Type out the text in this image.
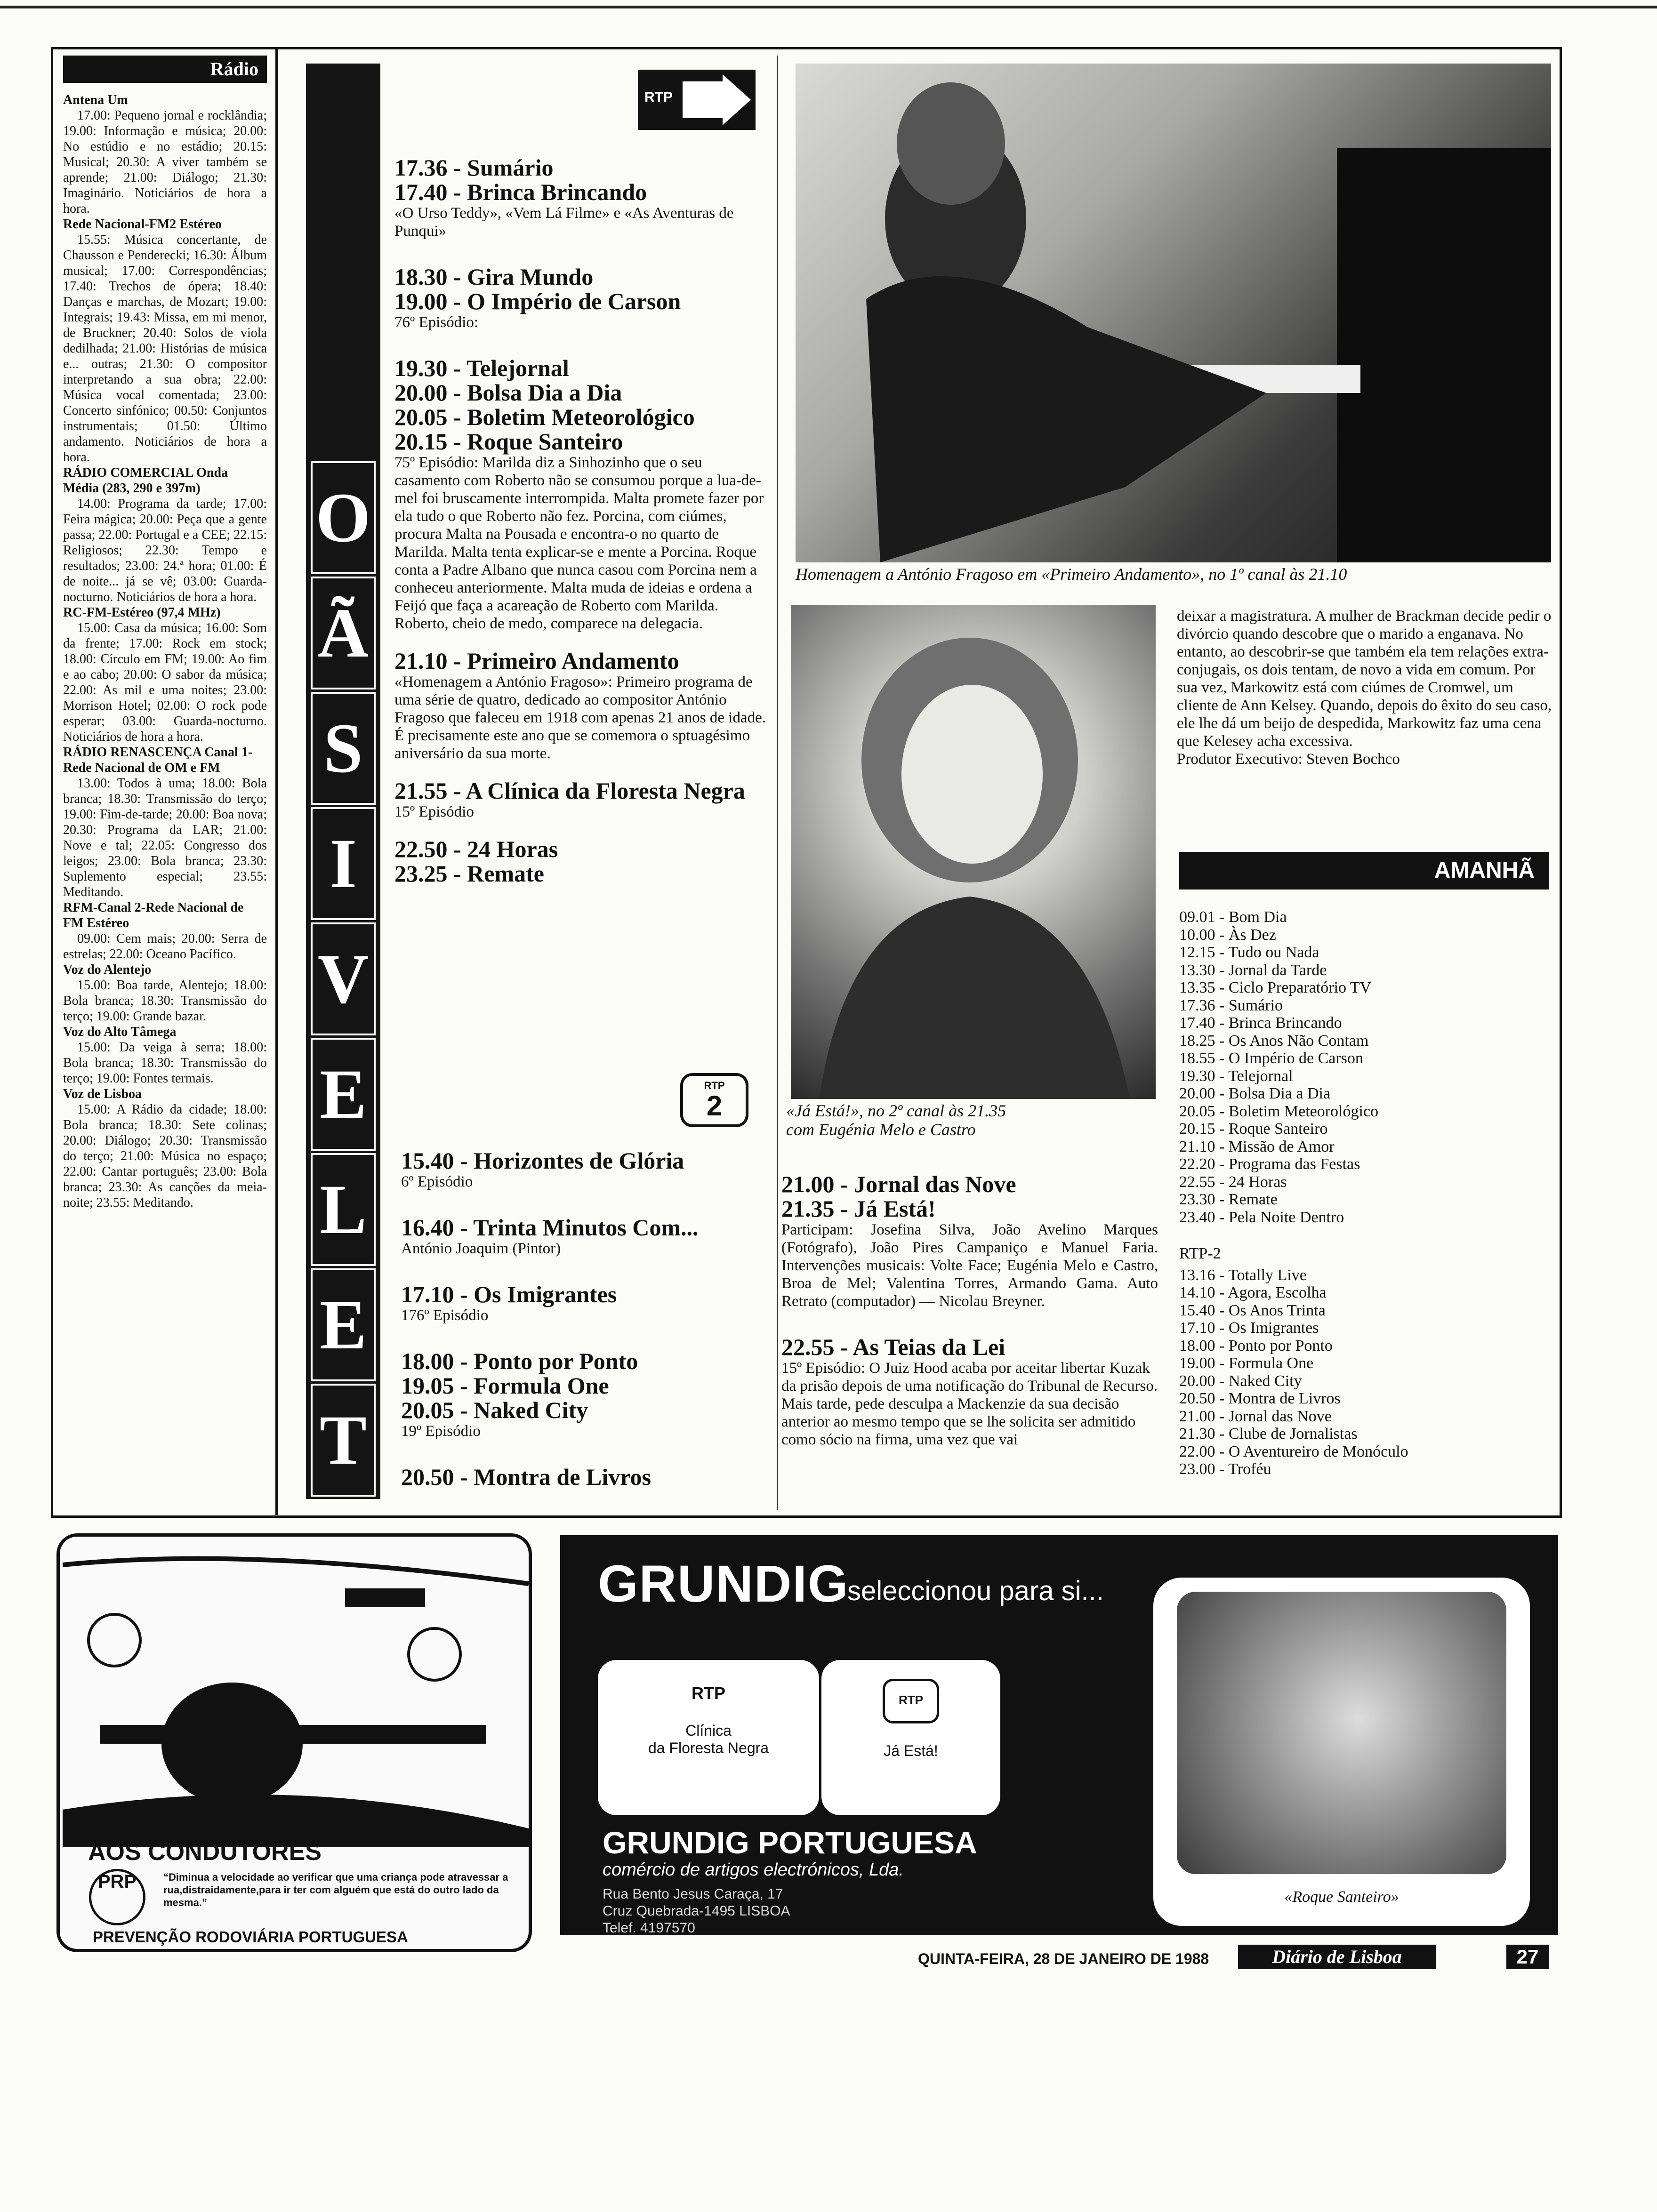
Rádio

Antena Um

17.00: Pequeno jornal e rocklândia; 19.00: Informação e música; 20.00: No estúdio e no estádio; 20.15: Musical; 20.30: A viver também se aprende; 21.00: Diálogo; 21.30: Imaginário. Noticiários de hora a hora.

Rede Nacional-FM2 Estéreo

15.55: Música concertante, de Chausson e Penderecki; 16.30: Álbum musical; 17.00: Correspondências; 17.40: Trechos de ópera; 18.40: Danças e marchas, de Mozart; 19.00: Integrais; 19.43: Missa, em mi menor, de Bruckner; 20.40: Solos de viola dedilhada; 21.00: Histórias de música e... outras; 21.30: O compositor interpretando a sua obra; 22.00: Música vocal comentada; 23.00: Concerto sinfónico; 00.50: Conjuntos instrumentais; 01.50: Último andamento. Noticiários de hora a hora.

RÁDIO COMERCIAL Onda Média (283, 290 e 397m)

14.00: Programa da tarde; 17.00: Feira mágica; 20.00: Peça que a gente passa; 22.00: Portugal e a CEE; 22.15: Religiosos; 22.30: Tempo e resultados; 23.00: 24.ª hora; 01.00: É de noite... já se vê; 03.00: Guarda-nocturno. Noticiários de hora a hora.

RC-FM-Estéreo (97,4 MHz)

15.00: Casa da música; 16.00: Som da frente; 17.00: Rock em stock; 18.00: Círculo em FM; 19.00: Ao fim e ao cabo; 20.00: O sabor da música; 22.00: As mil e uma noites; 23.00: Morrison Hotel; 02.00: O rock pode esperar; 03.00: Guarda-nocturno. Noticiários de hora a hora.

RÁDIO RENASCENÇA Canal 1-Rede Nacional de OM e FM

13.00: Todos à uma; 18.00: Bola branca; 18.30: Transmissão do terço; 19.00: Fim-de-tarde; 20.00: Boa nova; 20.30: Programa da LAR; 21.00: Nove e tal; 22.05: Congresso dos leigos; 23.00: Bola branca; 23.30: Suplemento especial; 23.55: Meditando.

RFM-Canal 2-Rede Nacional de FM Estéreo

09.00: Cem mais; 20.00: Serra de estrelas; 22.00: Oceano Pacífico.

Voz do Alentejo

15.00: Boa tarde, Alentejo; 18.00: Bola branca; 18.30: Transmissão do terço; 19.00: Grande bazar.

Voz do Alto Tâmega

15.00: Da veiga à serra; 18.00: Bola branca; 18.30: Transmissão do terço; 19.00: Fontes termais.

Voz de Lisboa

15.00: A Rádio da cidade; 18.00: Bola branca; 18.30: Sete colinas; 20.00: Diálogo; 20.30: Transmissão do terço; 21.00: Música no espaço; 22.00: Cantar português; 23.00: Bola branca; 23.30: As canções da meia-noite; 23.55: Meditando.

T
E
L
E
V
I
S
Ã
O
RTP

17.36 - Sumário

17.40 - Brinca Brincando

«O Urso Teddy», «Vem Lá Filme» e «As Aventuras de Punqui»

18.30 - Gira Mundo

19.00 - O Império de Carson

76º Episódio:

19.30 - Telejornal

20.00 - Bolsa Dia a Dia

20.05 - Boletim Meteorológico

20.15 - Roque Santeiro

75º Episódio: Marilda diz a Sinhozinho que o seu casamento com Roberto não se consumou porque a lua-de-mel foi bruscamente interrompida. Malta promete fazer por ela tudo o que Roberto não fez. Porcina, com ciúmes, procura Malta na Pousada e encontra-o no quarto de Marilda. Malta tenta explicar-se e mente a Porcina. Roque conta a Padre Albano que nunca casou com Porcina nem a conheceu anteriormente. Malta muda de ideias e ordena a Feijó que faça a acareação de Roberto com Marilda. Roberto, cheio de medo, comparece na delegacia.

21.10 - Primeiro Andamento

«Homenagem a António Fragoso»: Primeiro programa de uma série de quatro, dedicado ao compositor António Fragoso que faleceu em 1918 com apenas 21 anos de idade. É precisamente este ano que se comemora o sptuagésimo aniversário da sua morte.

21.55 - A Clínica da Floresta Negra

15º Episódio

22.50 - 24 Horas

23.25 - Remate

RTP
2

15.40 - Horizontes de Glória

6º Episódio

16.40 - Trinta Minutos Com...

António Joaquim (Pintor)

17.10 - Os Imigrantes

176º Episódio

18.00 - Ponto por Ponto

19.05 - Formula One

20.05 - Naked City

19º Episódio

20.50 - Montra de Livros

Homenagem a António Fragoso em «Primeiro Andamento», no 1º canal às 21.10
«Já Está!», no 2º canal às 21.35
com Eugénia Melo e Castro

21.00 - Jornal das Nove

21.35 - Já Está!

Participam: Josefina Silva, João Avelino Marques (Fotógrafo), João Pires Campaniço e Manuel Faria. Intervenções musicais: Volte Face; Eugénia Melo e Castro, Broa de Mel; Valentina Torres, Armando Gama. Auto Retrato (computador) — Nicolau Breyner.

22.55 - As Teias da Lei

15º Episódio: O Juiz Hood acaba por aceitar libertar Kuzak da prisão depois de uma notificação do Tribunal de Recurso. Mais tarde, pede desculpa a Mackenzie da sua decisão anterior ao mesmo tempo que se lhe solicita ser admitido como sócio na firma, uma vez que vai

deixar a magistratura. A mulher de Brackman decide pedir o divórcio quando descobre que o marido a enganava. No entanto, ao descobrir-se que também ela tem relações extra-conjugais, os dois tentam, de novo a vida em comum. Por sua vez, Markowitz está com ciúmes de Cromwel, um cliente de Ann Kelsey. Quando, depois do êxito do seu caso, ele lhe dá um beijo de despedida, Markowitz faz uma cena que Kelesey acha excessiva.

Produtor Executivo: Steven Bochco

AMANHÃ

09.01 - Bom Dia

10.00 - Às Dez

12.15 - Tudo ou Nada

13.30 - Jornal da Tarde

13.35 - Ciclo Preparatório TV

17.36 - Sumário

17.40 - Brinca Brincando

18.25 - Os Anos Não Contam

18.55 - O Império de Carson

19.30 - Telejornal

20.00 - Bolsa Dia a Dia

20.05 - Boletim Meteorológico

20.15 - Roque Santeiro

21.10 - Missão de Amor

22.20 - Programa das Festas

22.55 - 24 Horas

23.30 - Remate

23.40 - Pela Noite Dentro

RTP-2

13.16 - Totally Live

14.10 - Agora, Escolha

15.40 - Os Anos Trinta

17.10 - Os Imigrantes

18.00 - Ponto por Ponto

19.00 - Formula One

20.00 - Naked City

20.50 - Montra de Livros

21.00 - Jornal das Nove

21.30 - Clube de Jornalistas

22.00 - O Aventureiro de Monóculo

23.00 - Troféu

AOS CONDUTORES
PRP	“Diminua a velocidade ao verificar que uma criança pode atravessar a rua,distraidamente,para ir ter com alguém que está do outro lado da mesma.”
PREVENÇÃO RODOVIÁRIA PORTUGUESA
GRUNDIG
seleccionou para si...
RTP
Clínica
da Floresta Negra
RTP
Já Está!
«Roque Santeiro»
GRUNDIG PORTUGUESA
comércio de artigos electrónicos, Lda.
Rua Bento Jesus Caraça, 17
Cruz Quebrada-1495 LISBOA
Telef. 4197570
QUINTA-FEIRA, 28 DE JANEIRO DE 1988	Diário de Lisboa	27
